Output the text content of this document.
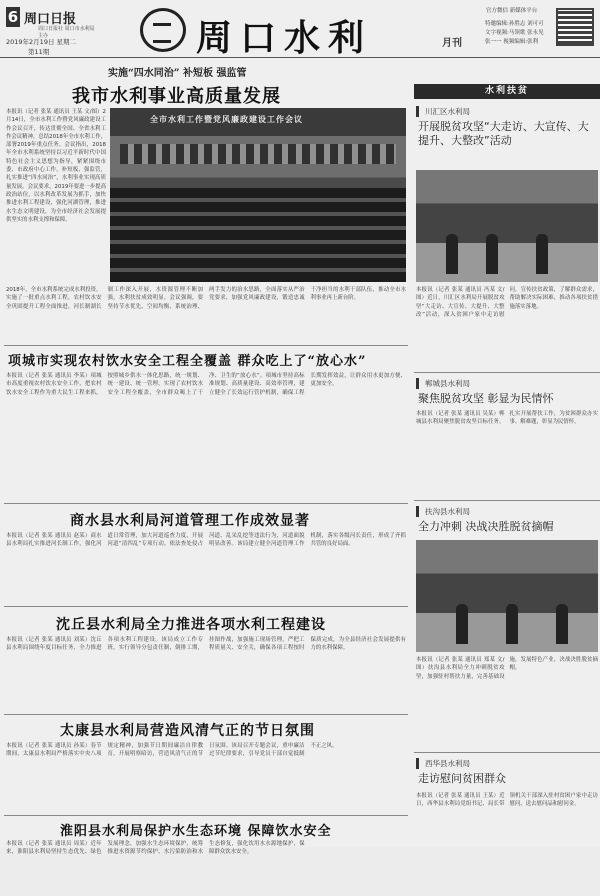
6 周口日报
周口日报社 周口市水利局 主办
2019年2月19日 星期二
第11期	周口水利	月刊
官方微信 新媒体平台
特邀编辑:孙胜志 刘可可 文字视频:马领歌 张永见 张一一 视频编辑:张利
实施“四水同治” 补短板 强监管
我市水利事业高质量发展
本报讯（记者 张某 通讯员 王某 文/图）2月14日，全市水利工作暨党风廉政建设工作会议召开，传达贯彻全国、全省水利工作会议精神，总结2018年全市水利工作，部署2019年重点任务。会议指出，2018年全市水利系统坚持以习近平新时代中国特色社会主义思想为指导，紧紧围绕市委、市政府中心工作，补短板、强监管，扎实推进“四水同治”，水利事业实现高质量发展。会议要求，2019年要进一步提高政治站位，以水利改革发展为抓手，加快推进水利工程建设，强化河湖管理，推进水生态文明建设，为全市经济社会发展提供坚实的水利支撑和保障。
全市水利工作暨党风廉政建设工作会议
2018年，全市水利系统完成水利投资，实施了一批重点水利工程，农村饮水安全巩固提升工程全面推进，河长制湖长制工作深入开展，水资源管理不断加强，水利扶贫成效明显。会议强调，要坚持节水优先、空间均衡、系统治理、两手发力的治水思路，全面落实从严治党要求，加强党风廉政建设，锻造忠诚干净担当的水利干部队伍，推动全市水利事业再上新台阶。
项城市实现农村饮水安全工程全覆盖 群众吃上了“放心水”
本报讯（记者 张某 通讯员 李某）项城市高度重视农村饮水安全工作，把农村饮水安全工程作为重大民生工程来抓，按照城乡供水一体化思路，统一规划、统一建设、统一管理，实现了农村饮水安全工程全覆盖，全市群众喝上了干净、卫生的“放心水”。项城市坚持高标准规划、高质量建设、高效率管理，建立健全了长效运行管护机制，确保工程长期发挥效益，让群众用水更加方便、更加安全。
商水县水利局河道管理工作成效显著
本报讯（记者 张某 通讯员 赵某）商水县水利局扎实推进河长制工作，强化河道日常管理，加大河道巡查力度，开展河道“清四乱”专项行动，依法查处侵占河道、乱采乱挖等违法行为，河道面貌明显改善。该局建立健全河道管理工作机制，落实各级河长责任，形成了齐抓共管的良好局面。
沈丘县水利局全力推进各项水利工程建设
本报讯（记者 张某 通讯员 刘某）沈丘县水利局围绕年度目标任务，全力推进各项水利工程建设。该局成立工作专班，实行领导分包责任制，倒排工期，挂图作战，加强施工现场管理，严把工程质量关、安全关，确保各项工程按时保质完成，为全县经济社会发展提供有力的水利保障。
太康县水利局营造风清气正的节日氛围
本报讯（记者 张某 通讯员 孙某）春节期间，太康县水利局严格落实中央八项规定精神，加强节日期间廉洁自律教育，开展明察暗访，营造风清气正的节日氛围。该局召开专题会议，重申廉洁过节纪律要求，引导党员干部自觉抵制不正之风。
淮阳县水利局保护水生态环境 保障饮水安全
本报讯（记者 张某 通讯员 周某）近年来，淮阳县水利局坚持生态优先、绿色发展理念，加强水生态环境保护，统筹推进水资源节约保护、水污染防治和水生态修复，强化饮用水水源地保护，保障群众饮水安全。
水利扶贫
川汇区水利局
开展脱贫攻坚“大走访、大宣传、大提升、大整改”活动
本报讯（记者 张某 通讯员 冯某 文/图）近日，川汇区水利局开展脱贫攻坚“大走访、大宣传、大提升、大整改”活动，深入贫困户家中走访慰问，宣传扶贫政策，了解群众需求，帮助解决实际困难，推动各项扶贫措施落实落地。
郸城县水利局
聚焦脱贫攻坚 彰显为民情怀
本报讯（记者 张某 通讯员 吴某）郸城县水利局聚焦脱贫攻坚目标任务，扎实开展帮扶工作，为贫困群众办实事、解难题，彰显为民情怀。
扶沟县水利局
全力冲刺 决战决胜脱贫摘帽
本报讯（记者 张某 通讯员 郑某 文/图）扶沟县水利局全力冲刺脱贫攻坚，加强驻村帮扶力量，完善基础设施，发展特色产业，决战决胜脱贫摘帽。
西华县水利局
走访慰问贫困群众
本报讯（记者 张某 通讯员 王某）近日，西华县水利局党组书记、局长带领机关干部深入驻村贫困户家中走访慰问，送去慰问品和慰问金。
